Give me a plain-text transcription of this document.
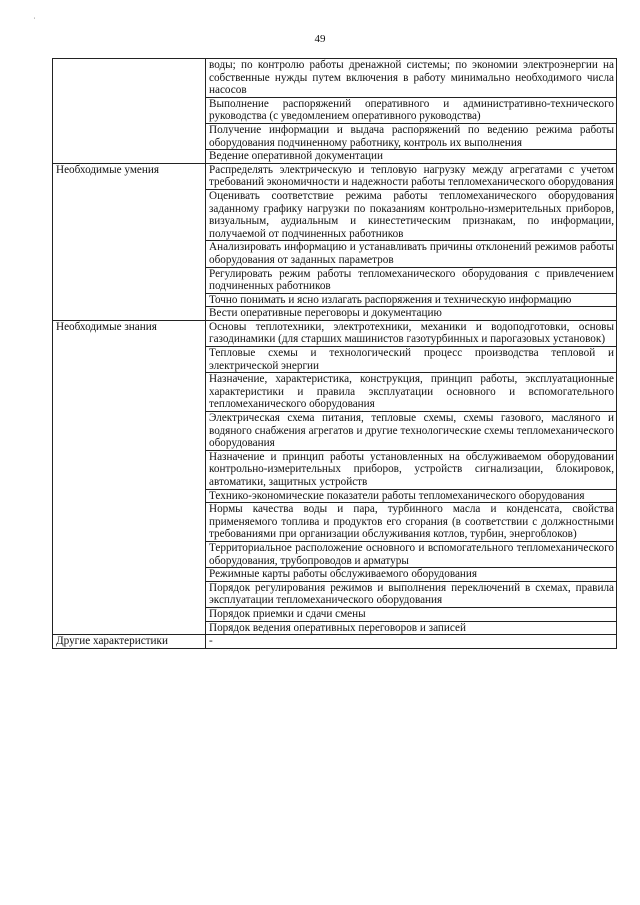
˙
49
	воды; по контролю работы дренажной системы; по экономии электроэнергии на собственные нужды путем включения в работу минимально необходимого числа насосов
	Выполнение распоряжений оперативного и административно-технического руководства (с уведомлением оперативного руководства)
	Получение информации и выдача распоряжений по ведению режима работы оборудования подчиненному работнику, контроль их выполнения
	Ведение оперативной документации
Необходимые умения	Распределять электрическую и тепловую нагрузку между агрегатами с учетом требований экономичности и надежности работы тепломеханического оборудования
	Оценивать соответствие режима работы тепломеханического оборудования заданному графику нагрузки по показаниям контрольно-измерительных приборов, визуальным, аудиальным и кинестетическим признакам, по информации, получаемой от подчиненных работников
	Анализировать информацию и устанавливать причины отклонений режимов работы оборудования от заданных параметров
	Регулировать режим работы тепломеханического оборудования с привлечением подчиненных работников
	Точно понимать и ясно излагать распоряжения и техническую информацию
	Вести оперативные переговоры и документацию
Необходимые знания	Основы теплотехники, электротехники, механики и водоподготовки, основы газодинамики (для старших машинистов газотурбинных и парогазовых установок)
	Тепловые схемы и технологический процесс производства тепловой и электрической энергии
	Назначение, характеристика, конструкция, принцип работы, эксплуатационные характеристики и правила эксплуатации основного и вспомогательного тепломеханического оборудования
	Электрическая схема питания, тепловые схемы, схемы газового, масляного и водяного снабжения агрегатов и другие технологические схемы тепломеханического оборудования
	Назначение и принцип работы установленных на обслуживаемом оборудовании контрольно-измерительных приборов, устройств сигнализации, блокировок, автоматики, защитных устройств
	Технико-экономические показатели работы тепломеханического оборудования
	Нормы качества воды и пара, турбинного масла и конденсата, свойства применяемого топлива и продуктов его сгорания (в соответствии с должностными требованиями при организации обслуживания котлов, турбин, энергоблоков)
	Территориальное расположение основного и вспомогательного тепломеханического оборудования, трубопроводов и арматуры
	Режимные карты работы обслуживаемого оборудования
	Порядок регулирования режимов и выполнения переключений в схемах, правила эксплуатации тепломеханического оборудования
	Порядок приемки и сдачи смены
	Порядок ведения оперативных переговоров и записей
Другие характеристики	-
